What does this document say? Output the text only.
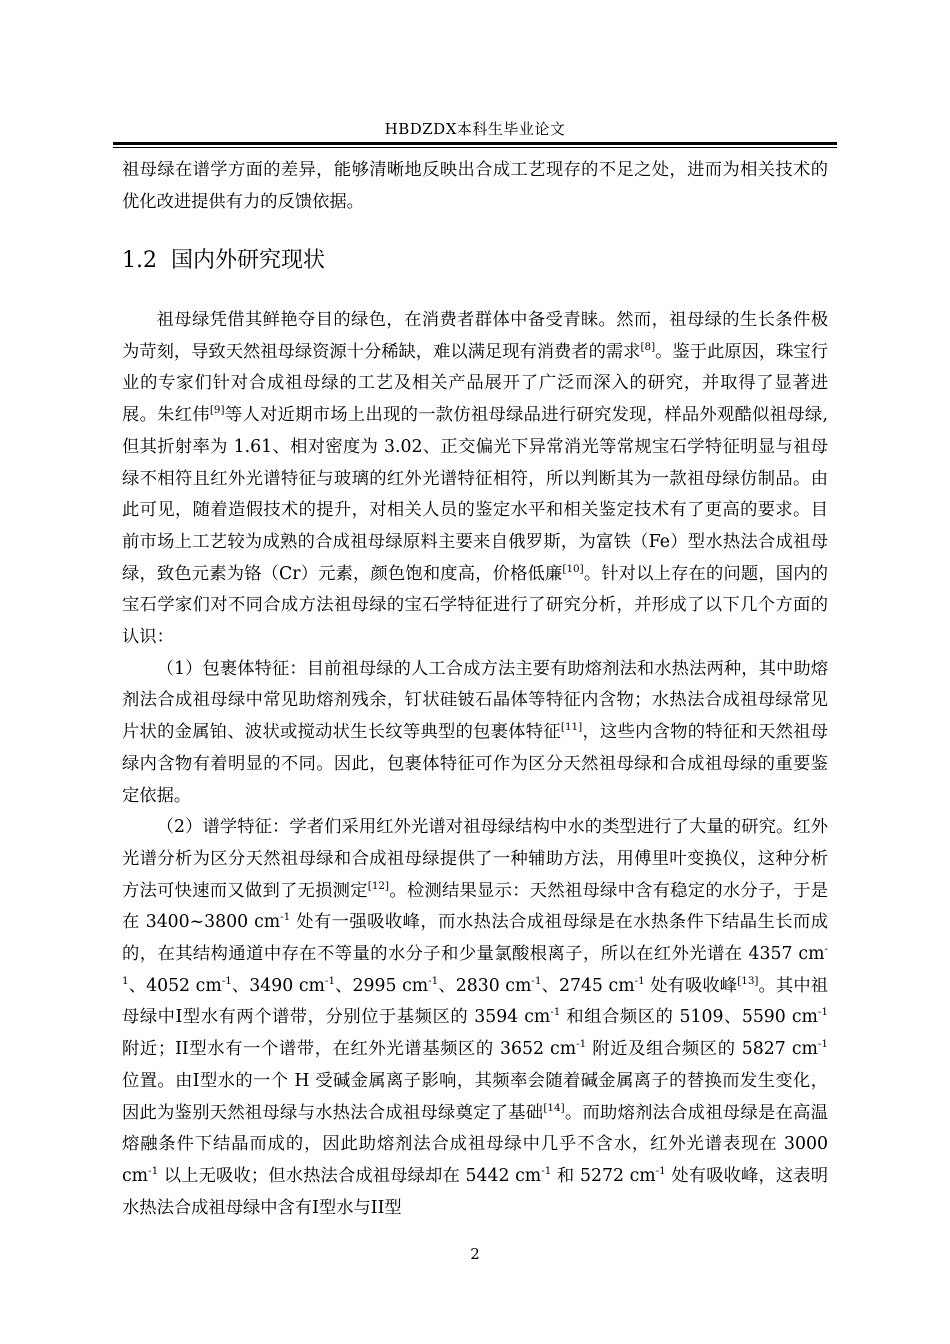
HBDZDX本科生毕业论文

祖母绿在谱学方面的差异，能够清晰地反映出合成工艺现存的不足之处，进而为相关技术的优化改进提供有力的反馈依据。

1.2 国内外研究现状

祖母绿凭借其鲜艳夺目的绿色，在消费者群体中备受青睐。然而，祖母绿的生长条件极为苛刻，导致天然祖母绿资源十分稀缺，难以满足现有消费者的需求[8]。鉴于此原因，珠宝行业的专家们针对合成祖母绿的工艺及相关产品展开了广泛而深入的研究，并取得了显著进展。朱红伟[9]等人对近期市场上出现的一款仿祖母绿品进行研究发现，样品外观酷似祖母绿,但其折射率为 1.61、相对密度为 3.02、正交偏光下异常消光等常规宝石学特征明显与祖母绿不相符且红外光谱特征与玻璃的红外光谱特征相符，所以判断其为一款祖母绿仿制品。由此可见，随着造假技术的提升，对相关人员的鉴定水平和相关鉴定技术有了更高的要求。目前市场上工艺较为成熟的合成祖母绿原料主要来自俄罗斯，为富铁（Fe）型水热法合成祖母绿，致色元素为铬（Cr）元素，颜色饱和度高，价格低廉[10]。针对以上存在的问题，国内的宝石学家们对不同合成方法祖母绿的宝石学特征进行了研究分析，并形成了以下几个方面的认识：

（1）包裹体特征：目前祖母绿的人工合成方法主要有助熔剂法和水热法两种，其中助熔剂法合成祖母绿中常见助熔剂残余，钉状硅铍石晶体等特征内含物；水热法合成祖母绿常见片状的金属铂、波状或搅动状生长纹等典型的包裹体特征[11]，这些内含物的特征和天然祖母绿内含物有着明显的不同。因此，包裹体特征可作为区分天然祖母绿和合成祖母绿的重要鉴定依据。

（2）谱学特征：学者们采用红外光谱对祖母绿结构中水的类型进行了大量的研究。红外光谱分析为区分天然祖母绿和合成祖母绿提供了一种辅助方法，用傅里叶变换仪，这种分析方法可快速而又做到了无损测定[12]。检测结果显示：天然祖母绿中含有稳定的水分子，于是在 3400~3800 $cm^{-1}$ 处有一强吸收峰，而水热法合成祖母绿是在水热条件下结晶生长而成的，在其结构通道中存在不等量的水分子和少量氯酸根离子，所以在红外光谱在 4357 $cm^{-1}$、4052 $cm^{-1}$、3490 $cm^{-1}$、2995 $cm^{-1}$、2830 $cm^{-1}$、2745 $cm^{-1}$ 处有吸收峰[13]。其中祖母绿中I型水有两个谱带，分别位于基频区的 3594 $cm^{-1}$ 和组合频区的 5109、5590 $cm^{-1}$ 附近；II型水有一个谱带，在红外光谱基频区的 3652 $cm^{-1}$ 附近及组合频区的 5827 $cm^{-1}$ 位置。由I型水的一个 H 受碱金属离子影响，其频率会随着碱金属离子的替换而发生变化，因此为鉴别天然祖母绿与水热法合成祖母绿奠定了基础[14]。而助熔剂法合成祖母绿是在高温熔融条件下结晶而成的，因此助熔剂法合成祖母绿中几乎不含水，红外光谱表现在 3000 $cm^{-1}$ 以上无吸收；但水热法合成祖母绿却在 5442 $cm^{-1}$ 和 5272 $cm^{-1}$ 处有吸收峰，这表明水热法合成祖母绿中含有I型水与II型

2
